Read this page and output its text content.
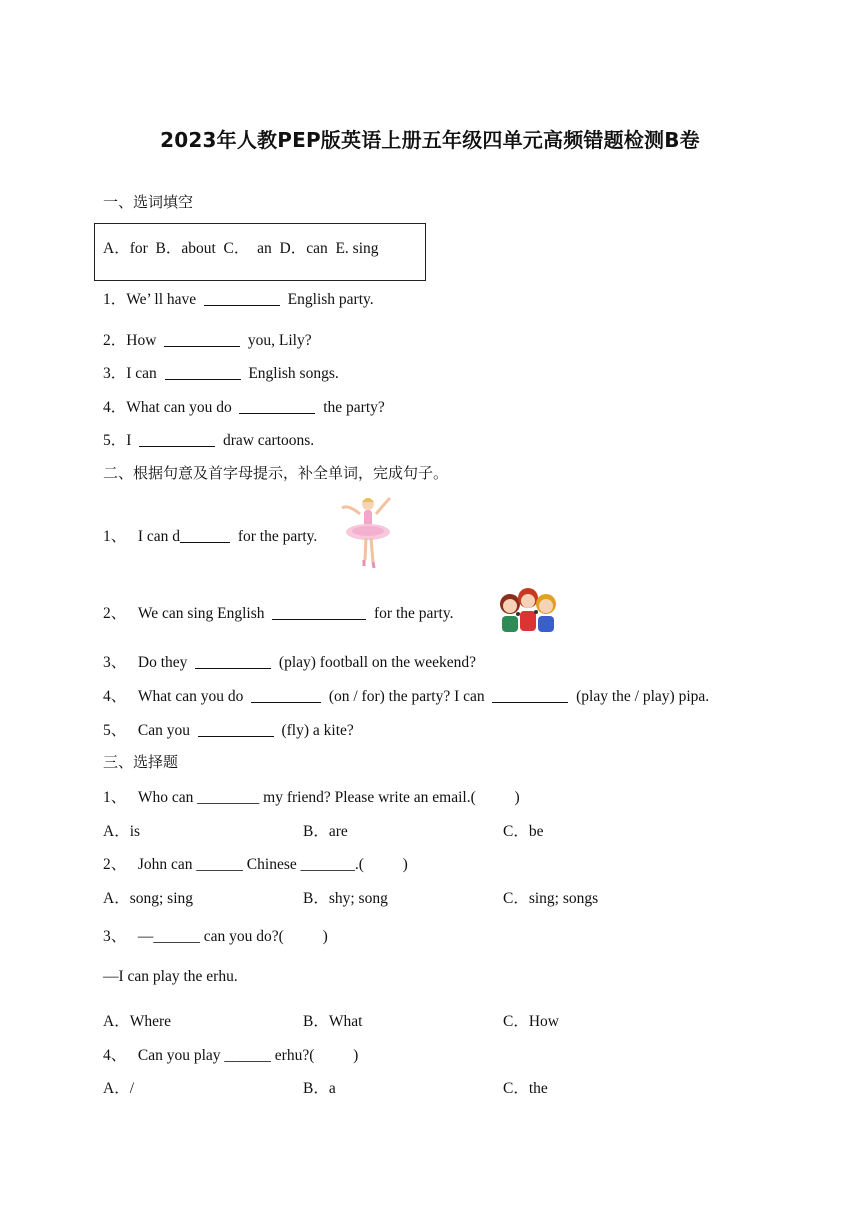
2023年人教PEP版英语上册五年级四单元高频错题检测B卷
一、选词填空
A．for  B．about  C．  an  D．can  E. sing
1．We’ ll have	English party.
2．How	you, Lily?
3．I can	English songs.
4．What can you do	the party?
5．I	draw cartoons.
二、根据句意及首字母提示，补全单词，完成句子。
1、 I can d	for the party.
2、 We can sing English	for the party.
3、 Do they	(play) football on the weekend?
4、 What can you do	(on / for) the party? I can	(play the / play) pipa.
5、 Can you	(fly) a kite?
三、选择题
1、 Who can ________ my friend? Please write an email.(          )
A．is	B．are	C．be
2、 John can ______ Chinese _______.(          )
A．song; sing	B．shy; song	C．sing; songs
3、 —______ can you do?(          )
—I can play the erhu.
A．Where	B．What	C．How
4、 Can you play ______ erhu?(          )
A．/	B．a	C．the
